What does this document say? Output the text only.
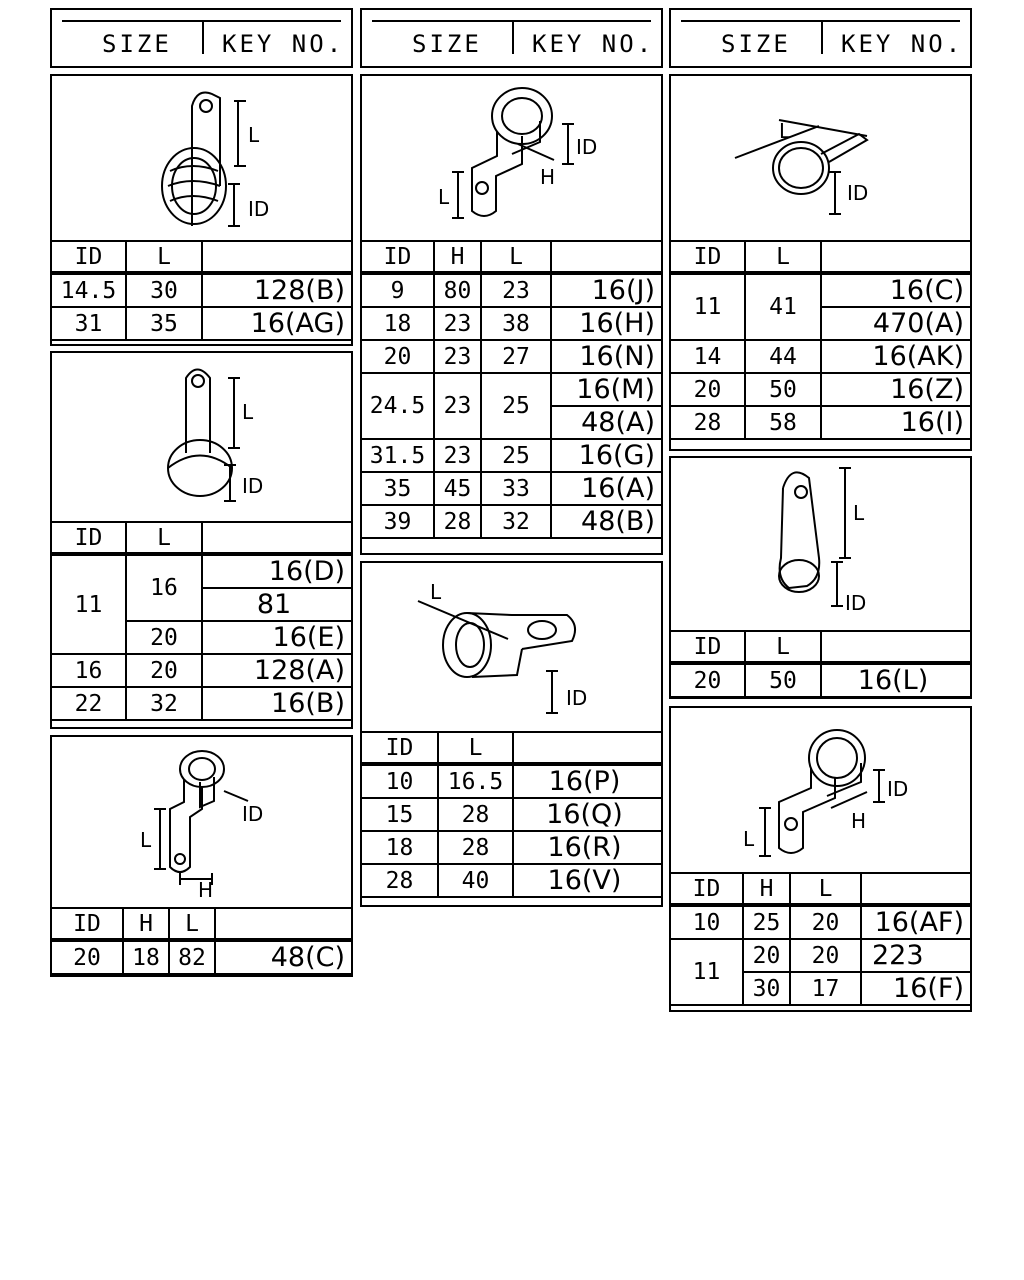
SIZE KEY NO.	SIZE KEY NO.	SIZE KEY NO.
L
ID
ID	L	
14.5	30	128(B)
31	35	16(AG)
L
ID
ID	L	
11	16	16(D)
		81
	20	16(E)
16	20	128(A)
22	32	16(B)
L
ID
H
ID	H	L	
20	18	82	48(C)
L
ID
H
ID	H	L	
9	80	23	16(J)
18	23	38	16(H)
20	23	27	16(N)
24.5	23	25	16(M)
			48(A)
31.5	23	25	16(G)
35	45	33	16(A)
39	28	32	48(B)
L
ID
ID	L	
10	16.5	16(P)
15	28	16(Q)
18	28	16(R)
28	40	16(V)
L
ID
ID	L	
11	41	16(C)
		470(A)
14	44	16(AK)
20	50	16(Z)
28	58	16(I)
L
ID
ID	L	
20	50	16(L)
L
ID
H
ID	H	L	
10	25	20	16(AF)
11	20	20	223
	30	17	16(F)
